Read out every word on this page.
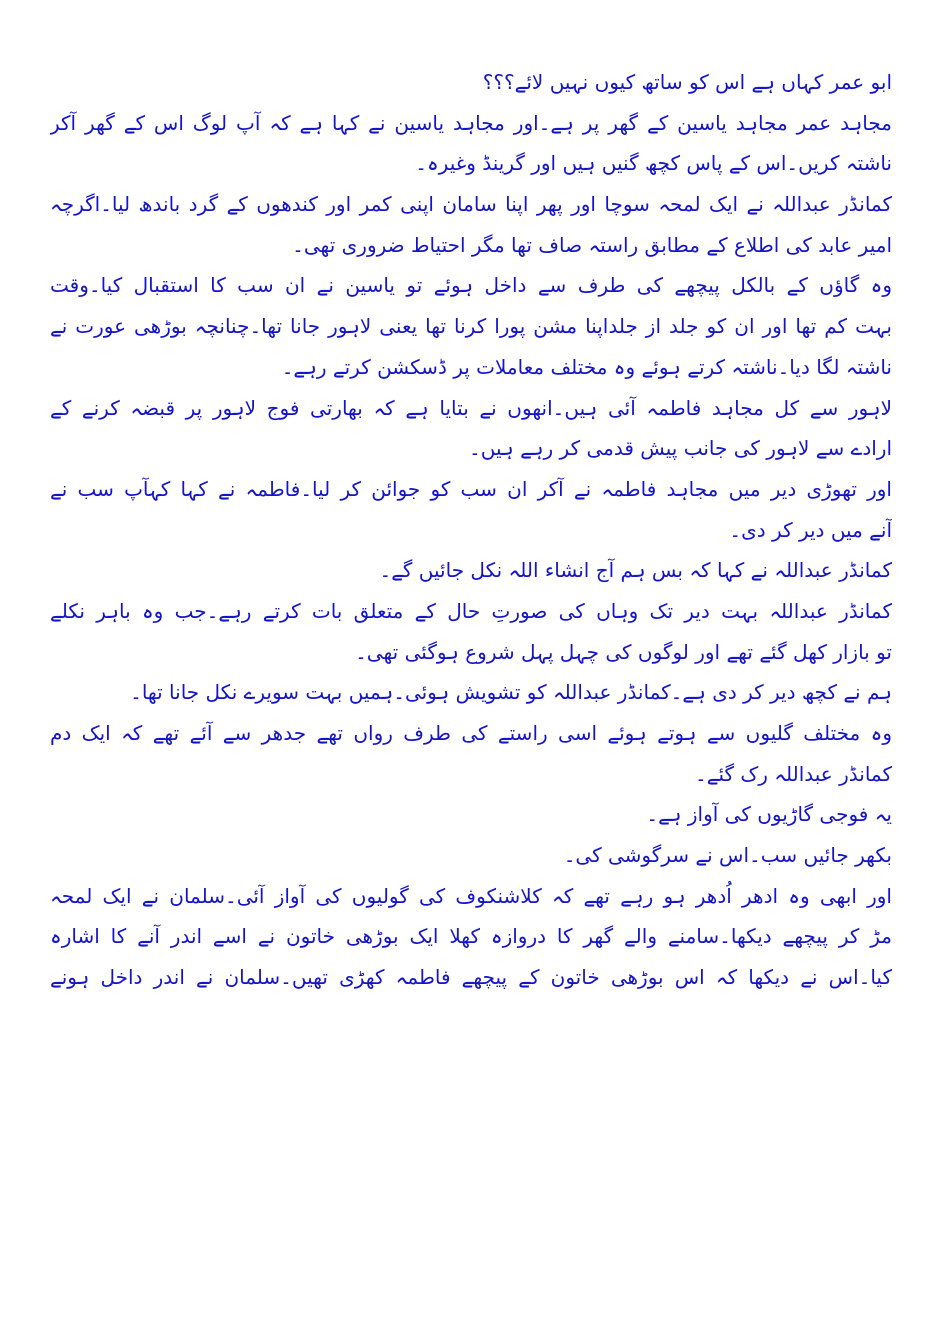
ابو عمر کہاں ہے اس کو ساتھ کیوں نہیں لائے؟؟؟
مجاہد عمر مجاہد یاسین کے گھر پر ہے۔اور مجاہد یاسین نے کہا ہے کہ آپ لوگ اس کے گھر آکر
ناشتہ کریں۔اس کے پاس کچھ گنیں ہیں اور گرینڈ وغیرہ۔
کمانڈر عبداللہ نے ایک لمحہ سوچا اور پھر اپنا سامان اپنی کمر اور کندھوں کے گرد باندھ لیا۔اگرچہ
امیر عابد کی اطلاع کے مطابق راستہ صاف تھا مگر احتیاط ضروری تھی۔
وہ گاؤں کے بالکل پیچھے کی طرف سے داخل ہوئے تو یاسین نے ان سب کا استقبال کیا۔وقت
بہت کم تھا اور ان کو جلد از جلداپنا مشن پورا کرنا تھا یعنی لاہور جانا تھا۔چنانچہ بوڑھی عورت نے
ناشتہ لگا دیا۔ناشتہ کرتے ہوئے وہ مختلف معاملات پر ڈسکشن کرتے رہے۔
لاہور سے کل مجاہد فاطمہ آئی ہیں۔انھوں نے بتایا ہے کہ بھارتی فوج لاہور پر قبضہ کرنے کے
ارادے سے لاہور کی جانب پیش قدمی کر رہے ہیں۔
اور تھوڑی دیر میں مجاہد فاطمہ نے آکر ان سب کو جوائن کر لیا۔فاطمہ نے کہا کہآپ سب نے
آنے میں دیر کر دی۔
کمانڈر عبداللہ نے کہا کہ بس ہم آج انشاء اللہ نکل جائیں گے۔
کمانڈر عبداللہ بہت دیر تک وہاں کی صورتِ حال کے متعلق بات کرتے رہے۔جب وہ باہر نکلے
تو بازار کھل گئے تھے اور لوگوں کی چہل پہل شروع ہوگئی تھی۔
ہم نے کچھ دیر کر دی ہے۔کمانڈر عبداللہ کو تشویش ہوئی۔ہمیں بہت سویرے نکل جانا تھا۔
وہ مختلف گلیوں سے ہوتے ہوئے اسی راستے کی طرف رواں تھے جدھر سے آئے تھے کہ ایک دم
کمانڈر عبداللہ رک گئے۔
یہ فوجی گاڑیوں کی آواز ہے۔
بکھر جائیں سب۔اس نے سرگوشی کی۔
اور ابھی وہ ادھر اُدھر ہو رہے تھے کہ کلاشنکوف کی گولیوں کی آواز آئی۔سلمان نے ایک لمحہ
مڑ کر پیچھے دیکھا۔سامنے والے گھر کا دروازہ کھلا ایک بوڑھی خاتون نے اسے اندر آنے کا اشارہ
کیا۔اس نے دیکھا کہ اس بوڑھی خاتون کے پیچھے فاطمہ کھڑی تھیں۔سلمان نے اندر داخل ہونے
